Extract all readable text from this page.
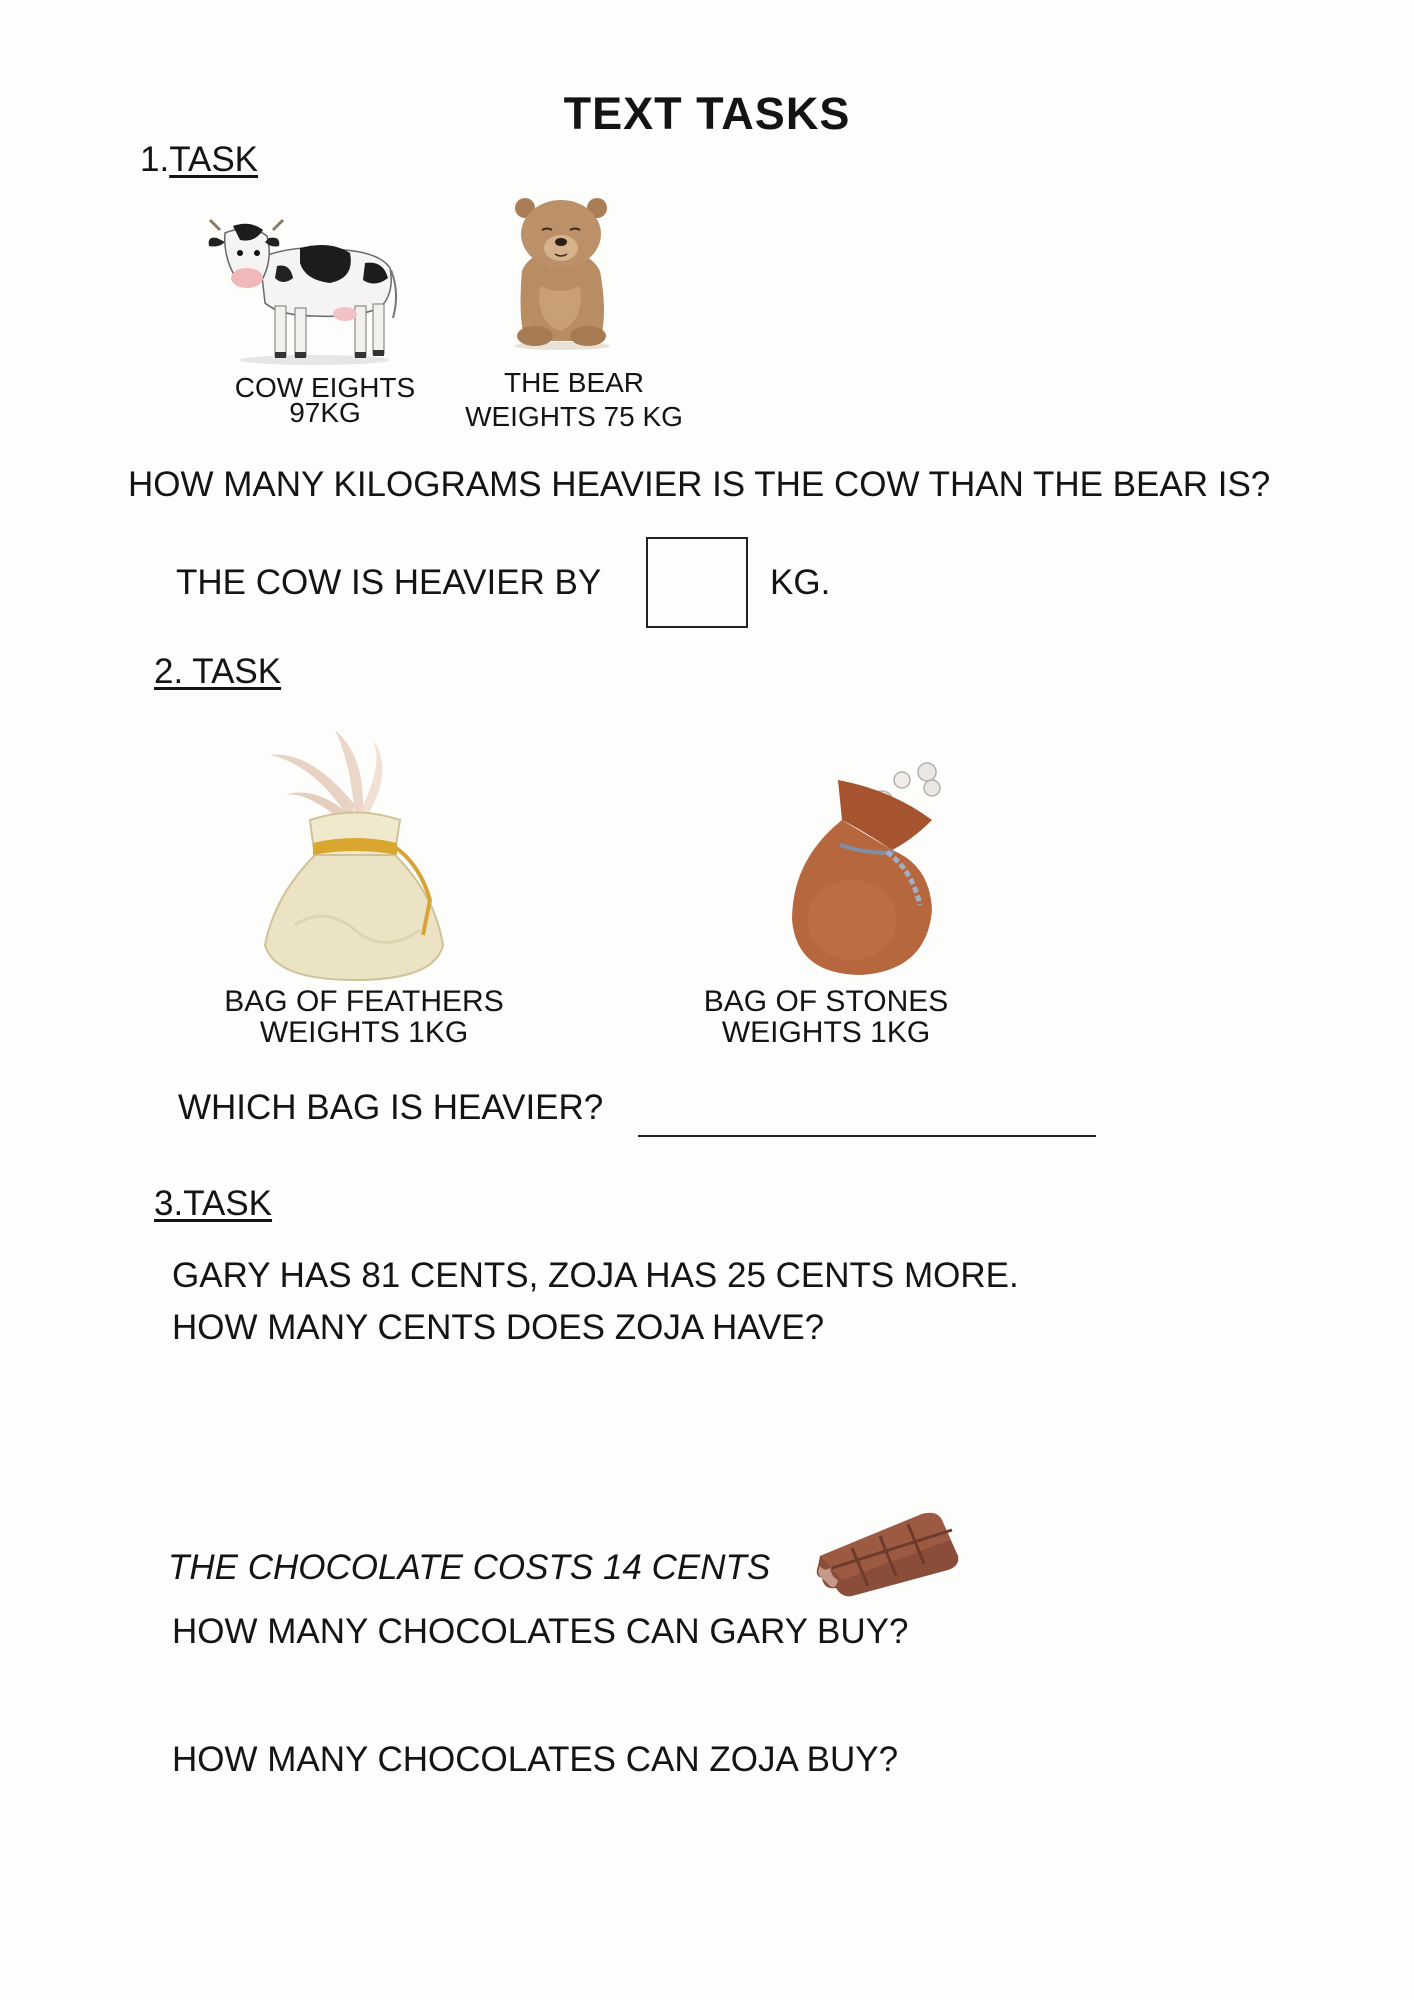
TEXT TASKS
1.TASK
COW EIGHTS
97KG
THE BEAR
WEIGHTS 75 KG
HOW MANY KILOGRAMS HEAVIER IS THE COW THAN THE BEAR IS?
THE COW IS HEAVIER BY	KG.
2. TASK
BAG OF FEATHERS
WEIGHTS 1KG
BAG OF STONES
WEIGHTS 1KG
WHICH BAG IS HEAVIER?
3.TASK
GARY HAS 81 CENTS, ZOJA HAS 25 CENTS MORE.
HOW MANY CENTS DOES ZOJA HAVE?
THE CHOCOLATE COSTS 14 CENTS
HOW MANY CHOCOLATES CAN GARY BUY?
HOW MANY CHOCOLATES CAN ZOJA BUY?
